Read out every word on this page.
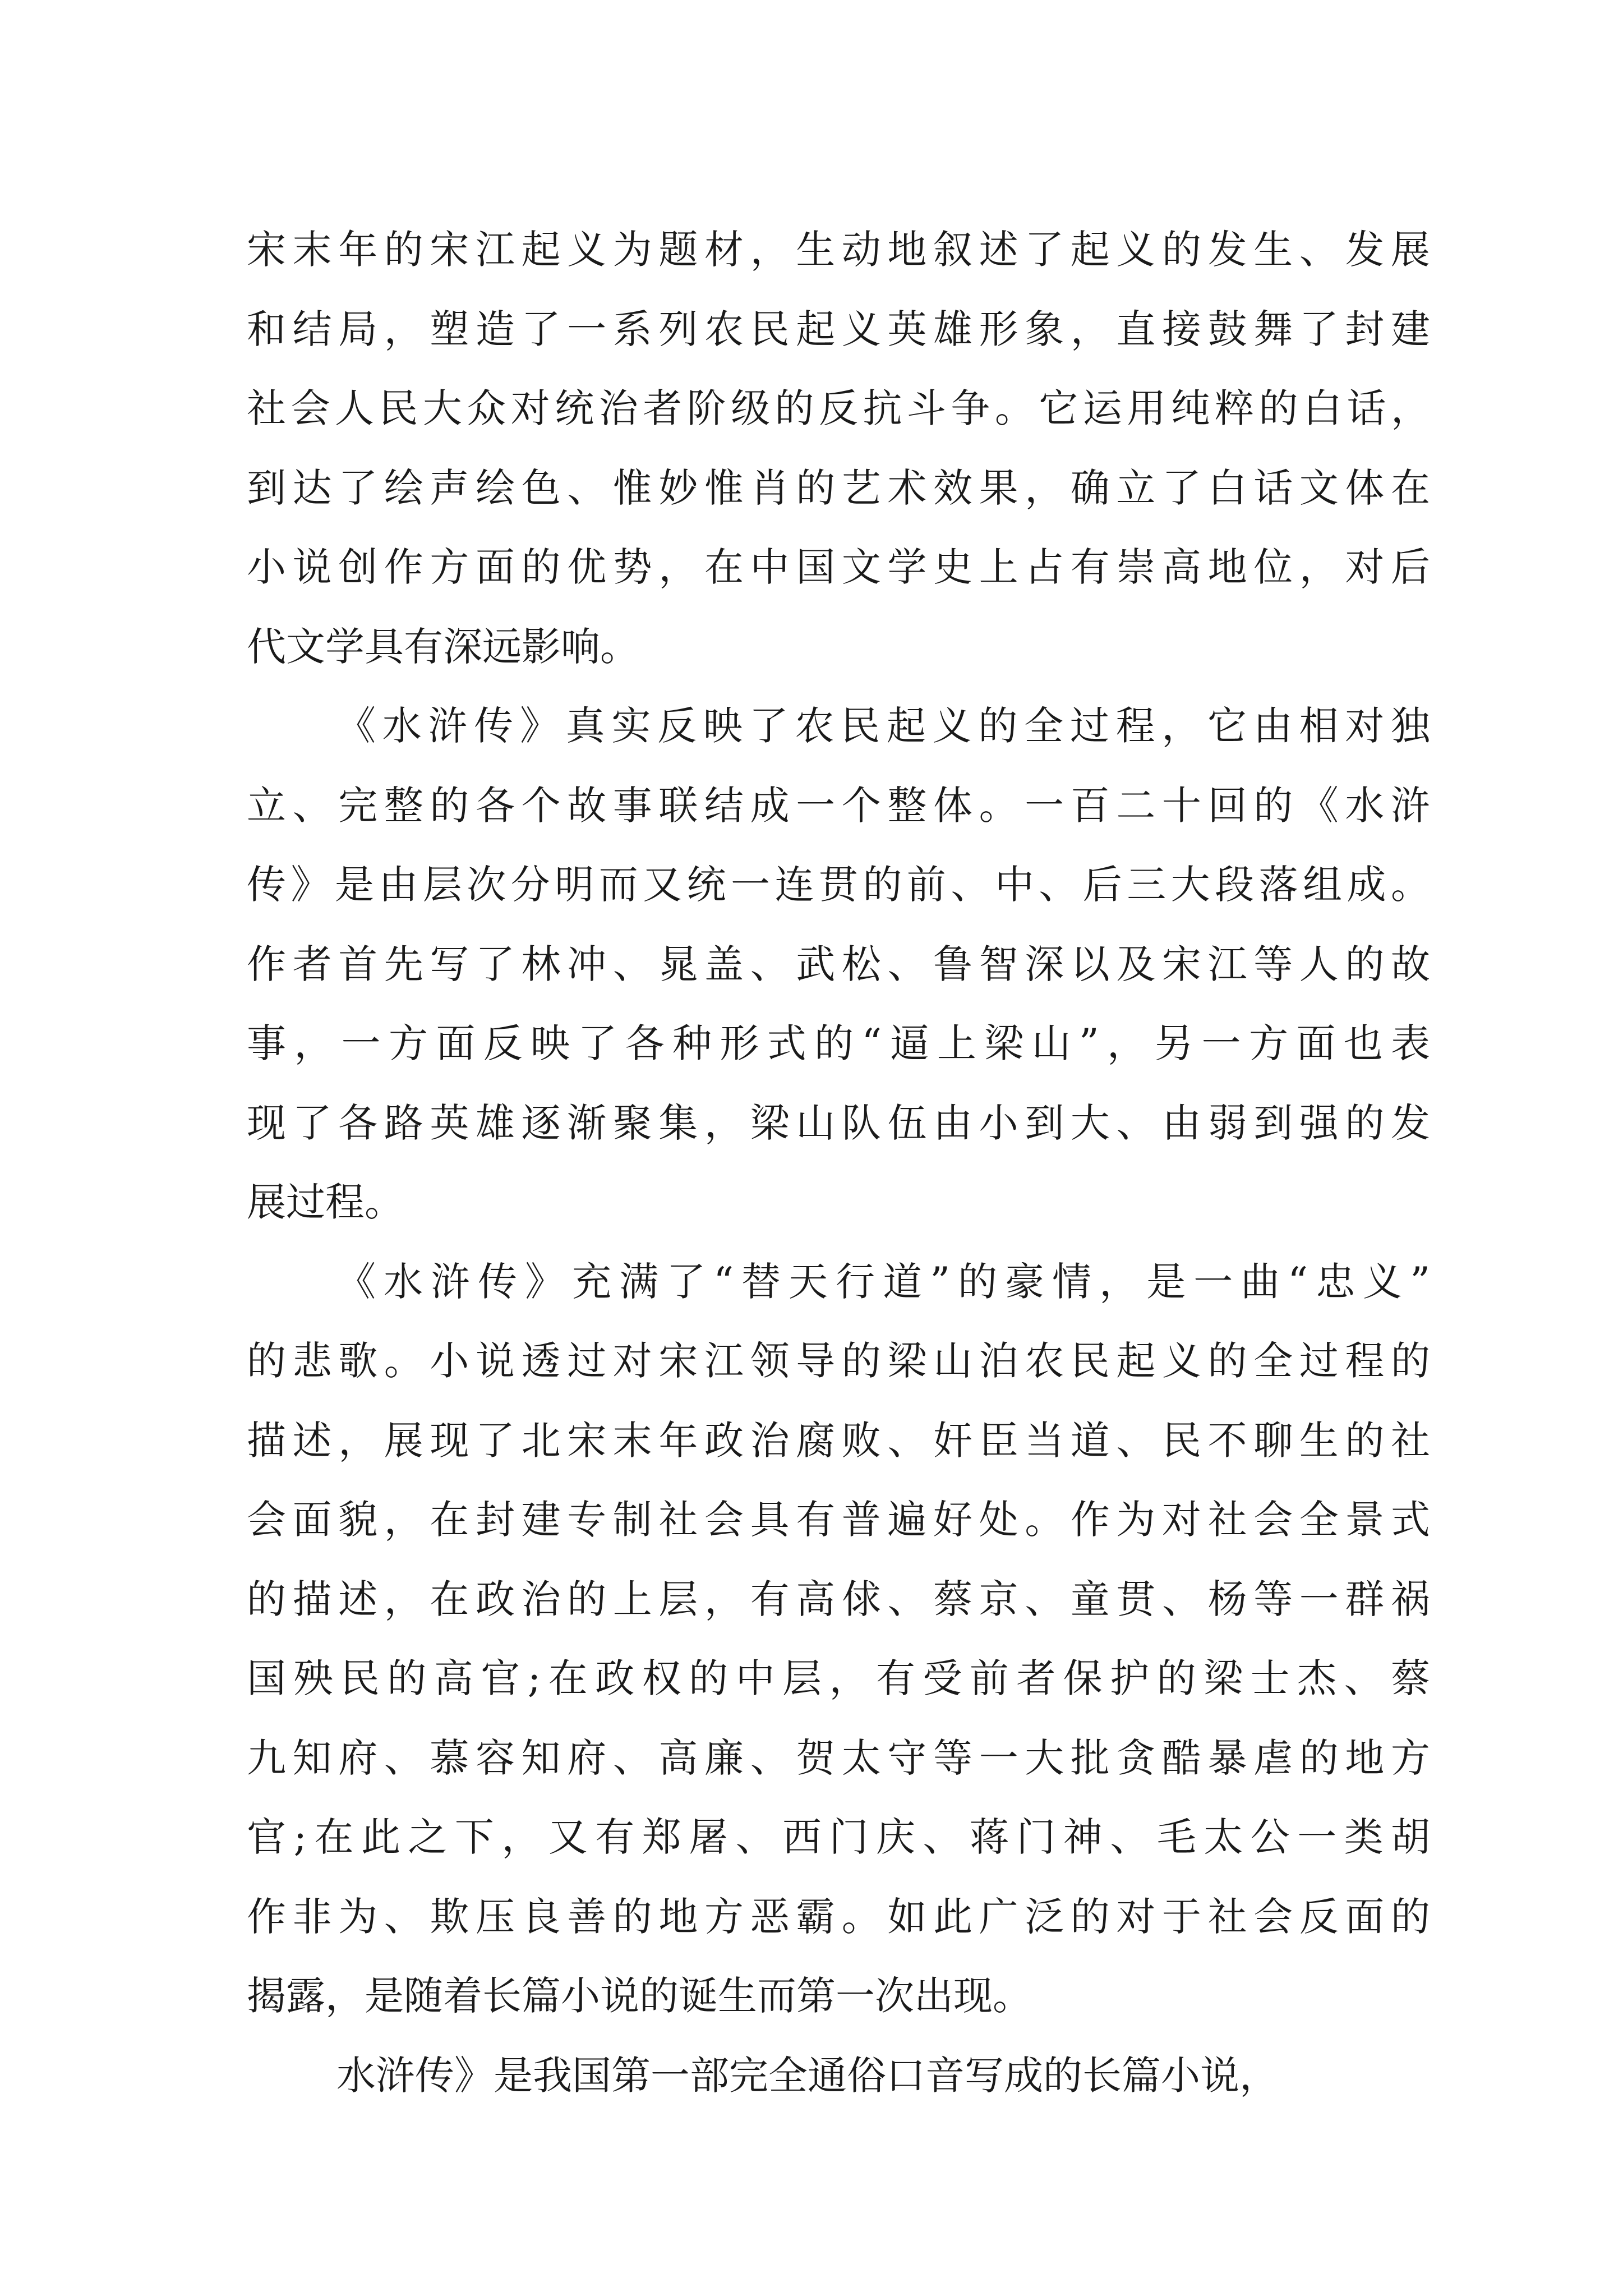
宋末年的宋江起义为题材，生动地叙述了起义的发生、发展
和结局，塑造了一系列农民起义英雄形象，直接鼓舞了封建
社会人民大众对统治者阶级的反抗斗争。它运用纯粹的白话，
到达了绘声绘色、惟妙惟肖的艺术效果，确立了白话文体在
小说创作方面的优势，在中国文学史上占有崇高地位，对后
代文学具有深远影响。
《水浒传》真实反映了农民起义的全过程，它由相对独
立、完整的各个故事联结成一个整体。一百二十回的《水浒
传》是由层次分明而又统一连贯的前、中、后三大段落组成。
作者首先写了林冲、晁盖、武松、鲁智深以及宋江等人的故
事，一方面反映了各种形式的“逼上梁山”，另一方面也表
现了各路英雄逐渐聚集，梁山队伍由小到大、由弱到强的发
展过程。
《水浒传》充满了“替天行道”的豪情，是一曲“忠义”
的悲歌。小说透过对宋江领导的梁山泊农民起义的全过程的
描述，展现了北宋末年政治腐败、奸臣当道、民不聊生的社
会面貌，在封建专制社会具有普遍好处。作为对社会全景式
的描述，在政治的上层，有高俅、蔡京、童贯、杨等一群祸
国殃民的高官;在政权的中层，有受前者保护的梁士杰、蔡
九知府、慕容知府、高廉、贺太守等一大批贪酷暴虐的地方
官;在此之下，又有郑屠、西门庆、蒋门神、毛太公一类胡
作非为、欺压良善的地方恶霸。如此广泛的对于社会反面的
揭露，是随着长篇小说的诞生而第一次出现。
水浒传》是我国第一部完全通俗口音写成的长篇小说，
